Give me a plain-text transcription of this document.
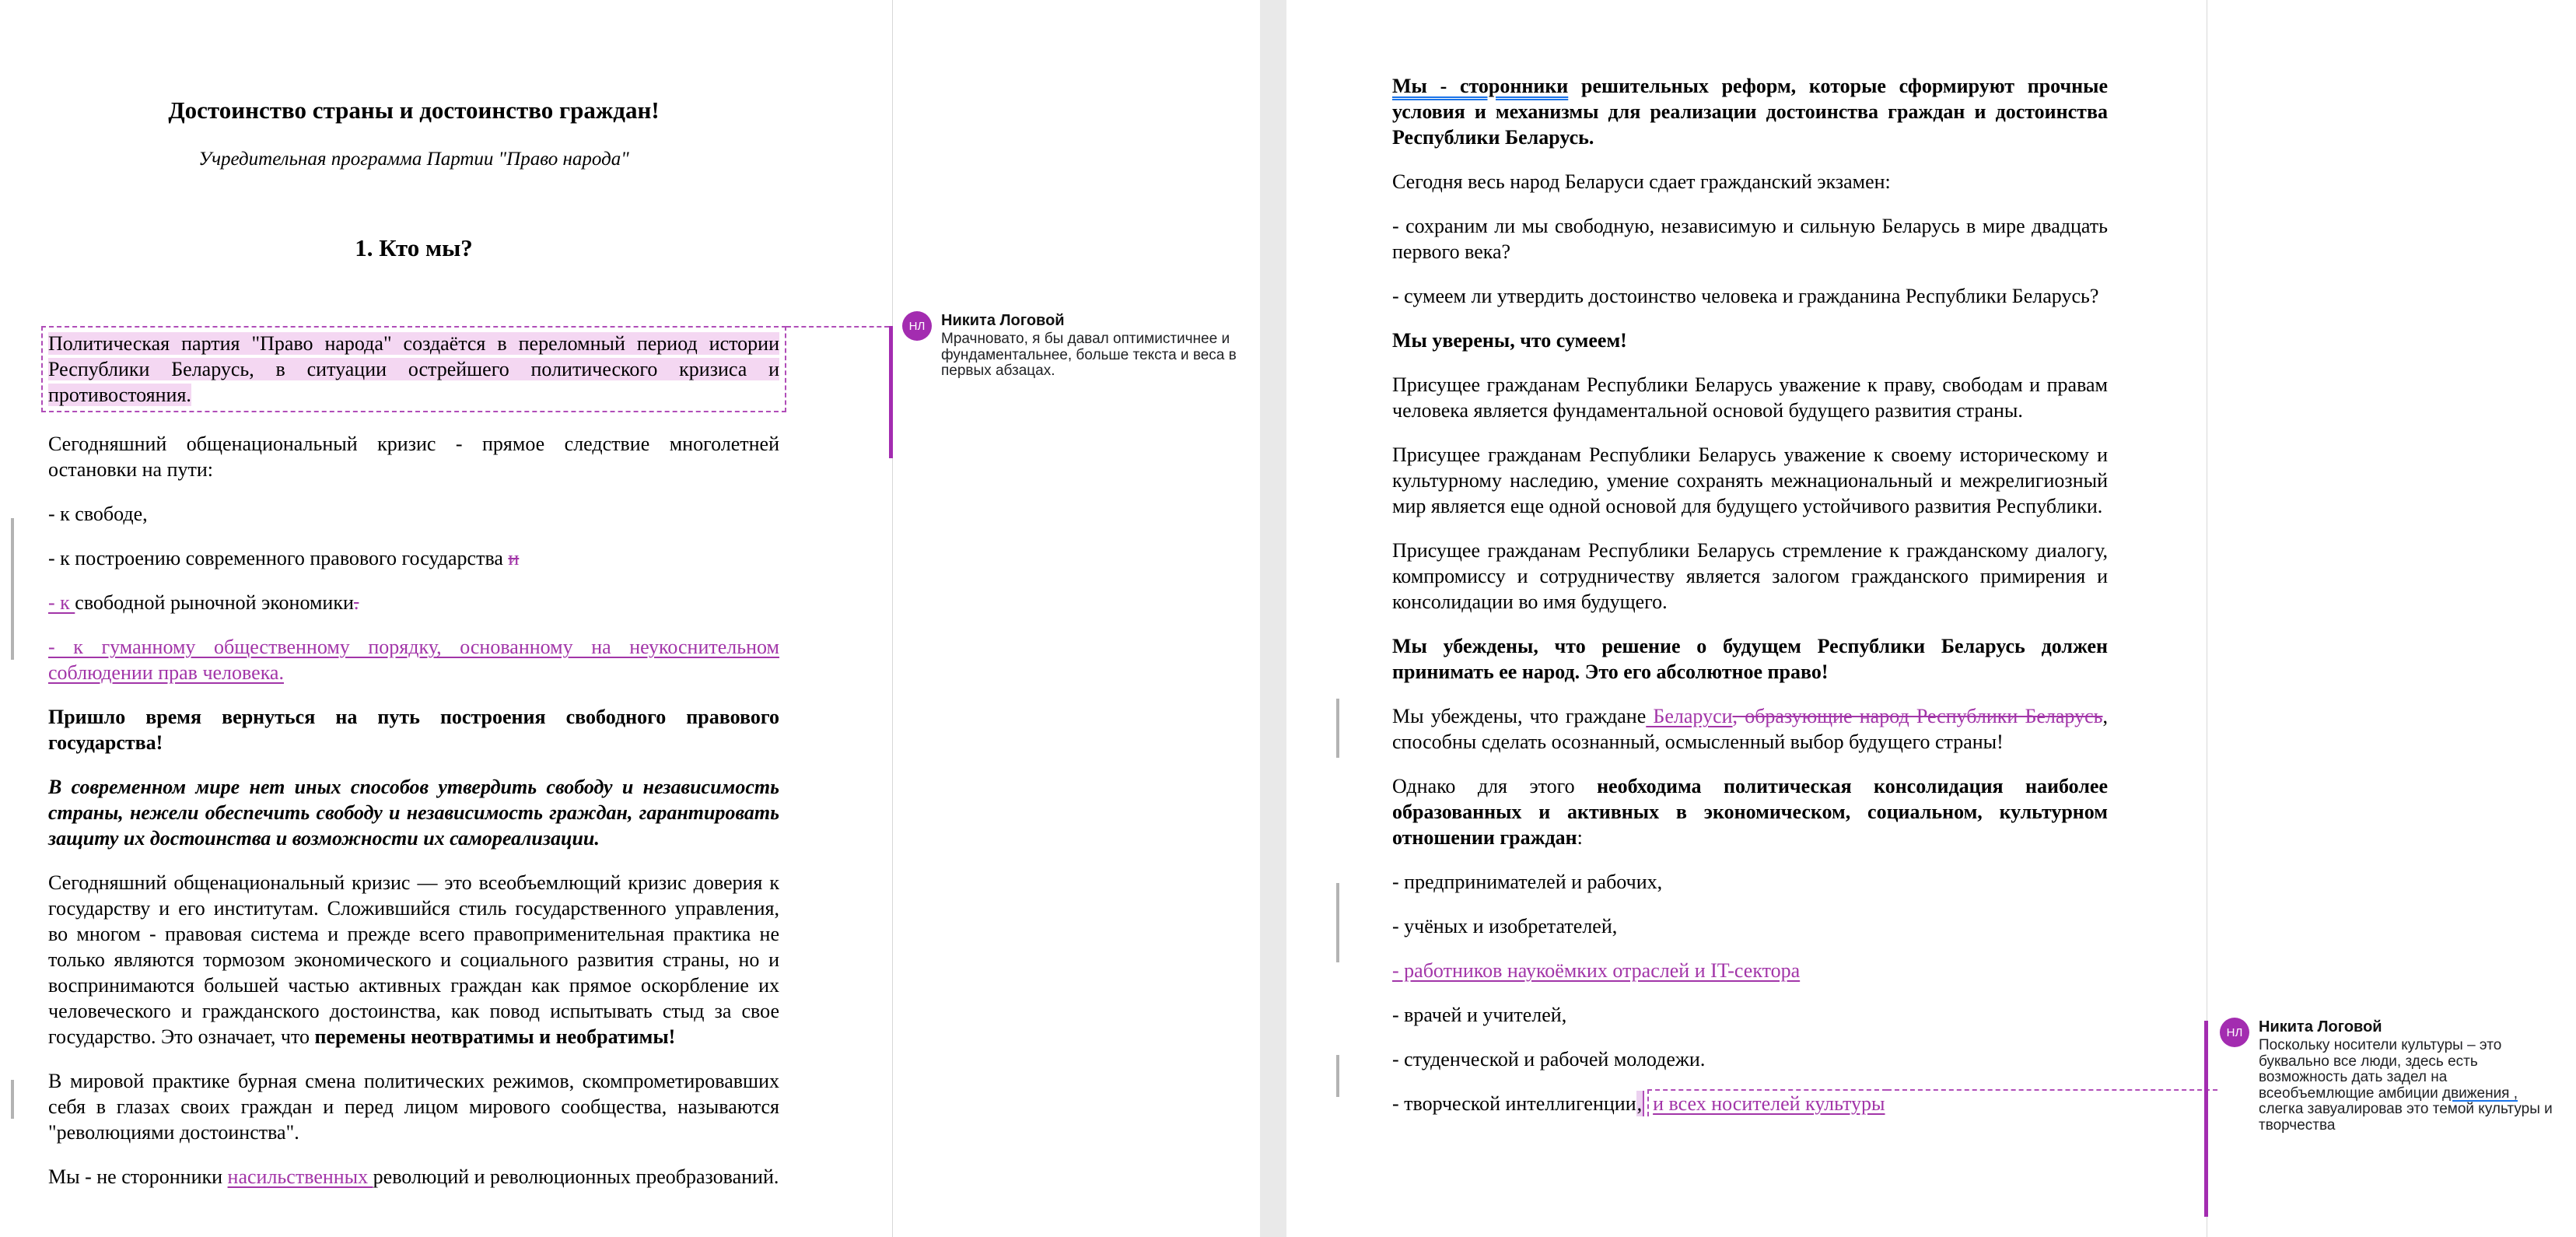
Достоинство страны и достоинство граждан!

Учредительная программа Партии "Право народа"

1. Кто мы?
Политическая партия "Право народа" создаётся в переломный период истории Республики Беларусь, в ситуации острейшего политического кризиса и противостояния.
Сегодняшний общенациональный кризис - прямое следствие многолетней остановки на пути:
- к свободе,
- к построению современного правового государства и
- к свободной рыночной экономики.
- к гуманному общественному порядку, основанному на неукоснительном соблюдении прав человека.
Пришло время вернуться на путь построения свободного правового государства!
В современном мире нет иных способов утвердить свободу и независимость страны, нежели обеспечить свободу и независимость граждан, гарантировать защиту их достоинства и возможности их самореализации.
Сегодняшний общенациональный кризис — это всеобъемлющий кризис доверия к государству и его институтам. Сложившийся стиль государственного управления, во многом - правовая система и прежде всего правоприменительная практика не только являются тормозом экономического и социального развития страны, но и воспринимаются большей частью активных граждан как прямое оскорбление их человеческого и гражданского достоинства, как повод испытывать стыд за свое государство. Это означает, что перемены неотвратимы и необратимы!
В мировой практике бурная смена политических режимов, скомпрометировавших себя в глазах своих граждан и перед лицом мирового сообщества, называются "революциями достоинства".
Мы - не сторонники насильственных революций и революционных преобразований.
Мы - сторонники решительных реформ, которые сформируют прочные условия и механизмы для реализации достоинства граждан и достоинства Республики Беларусь.
Сегодня весь народ Беларуси сдает гражданский экзамен:
- сохраним ли мы свободную, независимую и сильную Беларусь в мире двадцать первого века?
- сумеем ли утвердить достоинство человека и гражданина Республики Беларусь?
Мы уверены, что сумеем!
Присущее гражданам Республики Беларусь уважение к праву, свободам и правам человека является фундаментальной основой будущего развития страны.
Присущее гражданам Республики Беларусь уважение к своему историческому и культурному наследию, умение сохранять межнациональный и межрелигиозный мир является еще одной основой для будущего устойчивого развития Республики.
Присущее гражданам Республики Беларусь стремление к гражданскому диалогу, компромиссу и сотрудничеству является залогом гражданского примирения и консолидации во имя будущего.
Мы убеждены, что решение о будущем Республики Беларусь должен принимать ее народ. Это его абсолютное право!
Мы убеждены, что граждане Беларуси, образующие народ Республики Беларусь, способны сделать осознанный, осмысленный выбор будущего страны!
Однако для этого необходима политическая консолидация наиболее образованных и активных в экономическом, социальном, культурном отношении граждан:
- предпринимателей и рабочих,
- учёных и изобретателей,
- работников наукоёмких отраслей и IT-сектора
- врачей и учителей,
- студенческой и рабочей молодежи.
- творческой интеллигенции, и всех носителей культуры
НЛ Никита Логовой
Мрачновато, я бы давал оптимистичнее и фундаментальнее, больше текста и веса в первых абзацах.
НЛ Никита Логовой
Поскольку носители культуры – это буквально все люди, здесь есть возможность дать задел на всеобъемлющие амбиции движения , слегка завуалировав это темой культуры и творчества
